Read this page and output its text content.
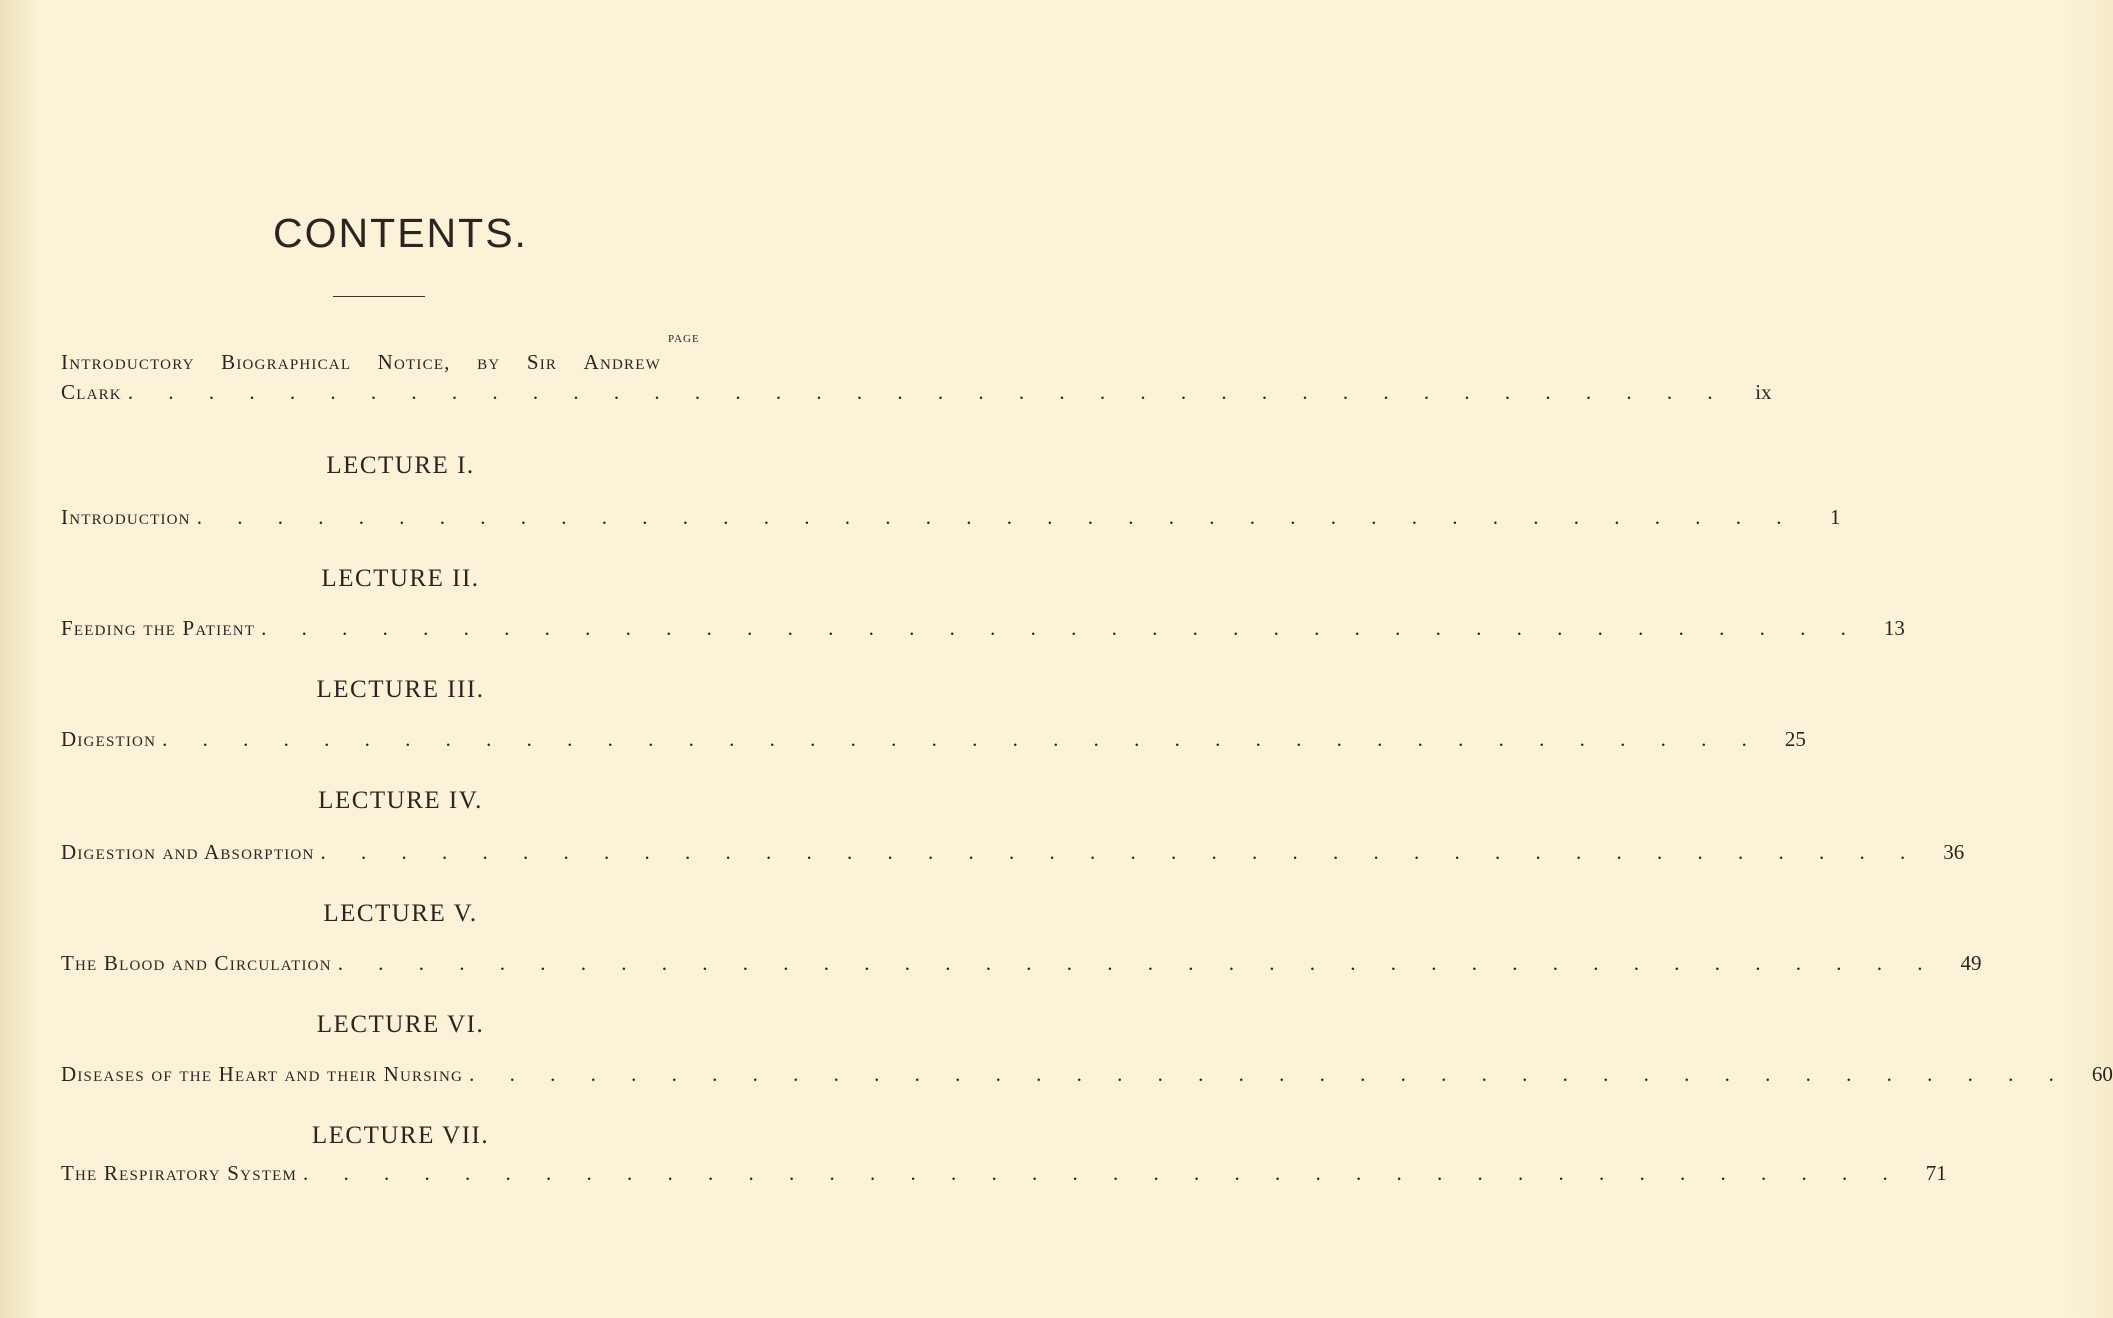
CONTENTS.
PAGE
Introductory Biographical Notice, by Sir Andrew
Clark . . . . . . . . . . . . . . . . . . . . . . . . . . . . . . . . . . . . . . . .	ix
LECTURE I.
Introduction . . . . . . . . . . . . . . . . . . . . . . . . . . . . . . . . . . . . . . . .	1
LECTURE II.
Feeding the Patient . . . . . . . . . . . . . . . . . . . . . . . . . . . . . . . . . . . . . . . .	13
LECTURE III.
Digestion . . . . . . . . . . . . . . . . . . . . . . . . . . . . . . . . . . . . . . . .	25
LECTURE IV.
Digestion and Absorption . . . . . . . . . . . . . . . . . . . . . . . . . . . . . . . . . . . . . . . .	36
LECTURE V.
The Blood and Circulation . . . . . . . . . . . . . . . . . . . . . . . . . . . . . . . . . . . . . . . .	49
LECTURE VI.
Diseases of the Heart and their Nursing . . . . . . . . . . . . . . . . . . . . . . . . . . . . . . . . . . . . . . . .	60
LECTURE VII.
The Respiratory System . . . . . . . . . . . . . . . . . . . . . . . . . . . . . . . . . . . . . . . .	71
